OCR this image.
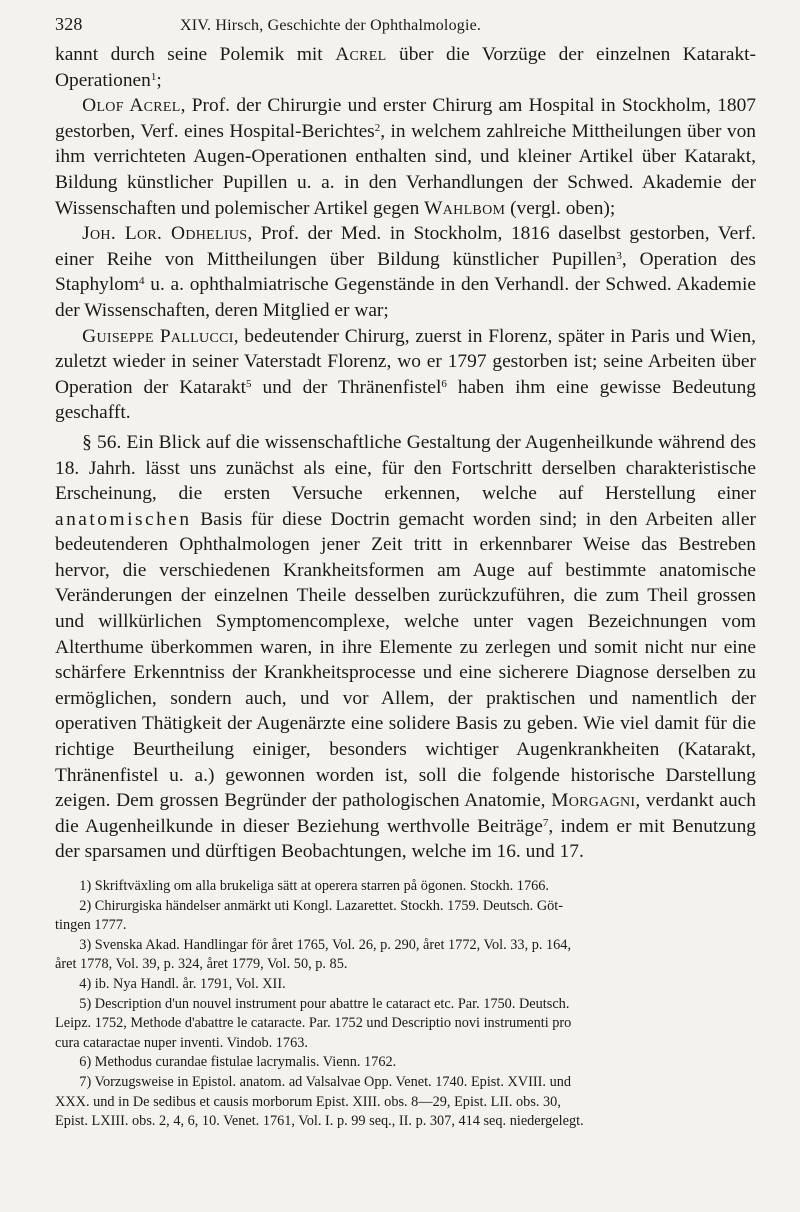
328	XIV. Hirsch, Geschichte der Ophthalmologie.

kannt durch seine Polemik mit Acrel über die Vorzüge der einzelnen Katarakt-Operationen$^1$;

Olof Acrel, Prof. der Chirurgie und erster Chirurg am Hospital in Stockholm, 1807 gestorben, Verf. eines Hospital-Berichtes$^2$, in welchem zahlreiche Mittheilungen über von ihm verrichteten Augen-Operationen enthalten sind, und kleiner Artikel über Katarakt, Bildung künstlicher Pupillen u. a. in den Verhandlungen der Schwed. Akademie der Wissenschaften und polemischer Artikel gegen Wahlbom (vergl. oben);

Joh. Lor. Odhelius, Prof. der Med. in Stockholm, 1816 daselbst gestorben, Verf. einer Reihe von Mittheilungen über Bildung künstlicher Pupillen$^3$, Operation des Staphylom$^4$ u. a. ophthalmiatrische Gegenstände in den Verhandl. der Schwed. Akademie der Wissenschaften, deren Mitglied er war;

Guiseppe Pallucci, bedeutender Chirurg, zuerst in Florenz, später in Paris und Wien, zuletzt wieder in seiner Vaterstadt Florenz, wo er 1797 gestorben ist; seine Arbeiten über Operation der Katarakt$^5$ und der Thränenfistel$^6$ haben ihm eine gewisse Bedeutung geschafft.

§ 56. Ein Blick auf die wissenschaftliche Gestaltung der Augenheilkunde während des 18. Jahrh. lässt uns zunächst als eine, für den Fortschritt derselben charakteristische Erscheinung, die ersten Versuche erkennen, welche auf Herstellung einer anatomischen Basis für diese Doctrin gemacht worden sind; in den Arbeiten aller bedeutenderen Ophthalmologen jener Zeit tritt in erkennbarer Weise das Bestreben hervor, die verschiedenen Krankheitsformen am Auge auf bestimmte anatomische Veränderungen der einzelnen Theile desselben zurückzuführen, die zum Theil grossen und willkürlichen Symptomencomplexe, welche unter vagen Bezeichnungen vom Alterthume überkommen waren, in ihre Elemente zu zerlegen und somit nicht nur eine schärfere Erkenntniss der Krankheitsprocesse und eine sicherere Diagnose derselben zu ermöglichen, sondern auch, und vor Allem, der praktischen und namentlich der operativen Thätigkeit der Augenärzte eine solidere Basis zu geben. Wie viel damit für die richtige Beurtheilung einiger, besonders wichtiger Augenkrankheiten (Katarakt, Thränenfistel u. a.) gewonnen worden ist, soll die folgende historische Darstellung zeigen. Dem grossen Begründer der pathologischen Anatomie, Morgagni, verdankt auch die Augenheilkunde in dieser Beziehung werthvolle Beiträge$^7$, indem er mit Benutzung der sparsamen und dürftigen Beobachtungen, welche im 16. und 17.

1) Skriftväxling om alla brukeliga sätt at operera starren på ögonen. Stockh. 1766.

2) Chirurgiska händelser anmärkt uti Kongl. Lazarettet. Stockh. 1759. Deutsch. Göt-

tingen 1777.

3) Svenska Akad. Handlingar för året 1765, Vol. 26, p. 290, året 1772, Vol. 33, p. 164,

året 1778, Vol. 39, p. 324, året 1779, Vol. 50, p. 85.

4) ib. Nya Handl. år. 1791, Vol. XII.

5) Description d'un nouvel instrument pour abattre le cataract etc. Par. 1750. Deutsch.

Leipz. 1752, Methode d'abattre le cataracte. Par. 1752 und Descriptio novi instrumenti pro

cura cataractae nuper inventi. Vindob. 1763.

6) Methodus curandae fistulae lacrymalis. Vienn. 1762.

7) Vorzugsweise in Epistol. anatom. ad Valsalvae Opp. Venet. 1740. Epist. XVIII. und

XXX. und in De sedibus et causis morborum Epist. XIII. obs. 8—29, Epist. LII. obs. 30,

Epist. LXIII. obs. 2, 4, 6, 10. Venet. 1761, Vol. I. p. 99 seq., II. p. 307, 414 seq. niedergelegt.
